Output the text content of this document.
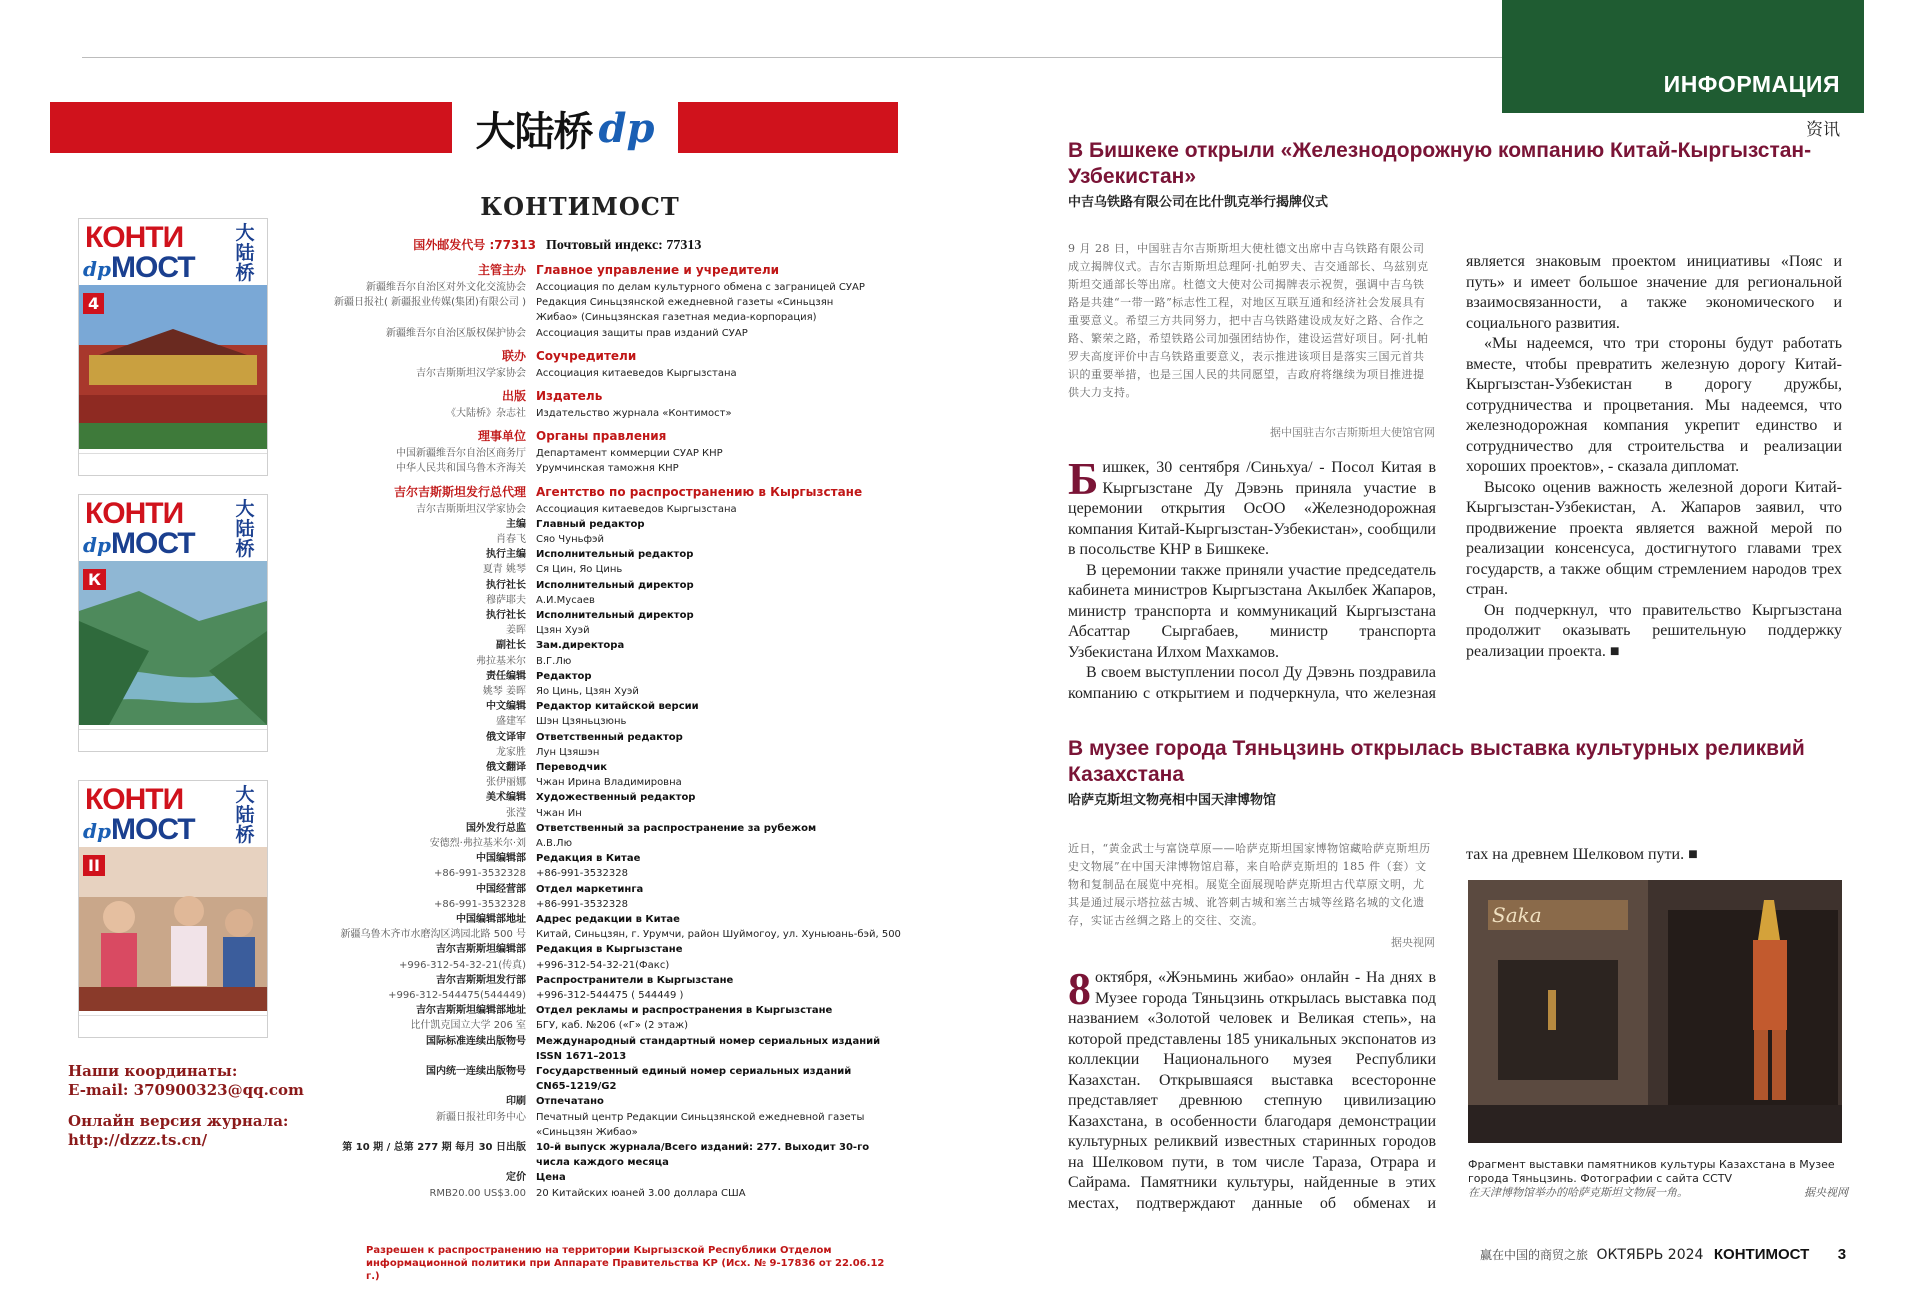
大陆桥 dp
КОНТИМОСТ
国外邮发代号 :77313 Почтовый индекс: 77313
主管主办 Главное управление и учредители
新疆维吾尔自治区对外文化交流协会	Ассоциация по делам культурного обмена с заграницей СУАР
新疆日报社( 新疆报业传媒(集团)有限公司 )	Редакция Синьцзянской ежедневной газеты «Синьцзян
Жибао» (Синьцзянская газетная медиа-корпорация)
新疆维吾尔自治区版权保护协会	Ассоциация защиты прав изданий СУАР
联办 Соучредители
吉尔吉斯斯坦汉学家协会	Ассоциация китаеведов Кыргызстана
出版 Издатель
《大陆桥》杂志社	Издательство журнала «Контимост»
理事单位 Органы правления
中国新疆维吾尔自治区商务厅	Департамент коммерции СУАР КНР
中华人民共和国乌鲁木齐海关	Урумчинская таможня КНР
吉尔吉斯斯坦发行总代理 Агентство по распространению в Кыргызстане
吉尔吉斯斯坦汉学家协会	Ассоциация китаеведов Кыргызстана
主编	Главный редактор
肖春飞	Сяо Чуньфэй
执行主编	Исполнительный редактор
夏青 姚琴	Ся Цин, Яо Цинь
执行社长	Исполнительный директор
穆萨耶夫	А.И.Мусаев
执行社长	Исполнительный директор
姜晖	Цзян Хуэй
副社长	Зам.директора
弗拉基米尔	В.Г.Лю
责任编辑	Редактор
姚琴 姜晖	Яо Цинь, Цзян Хуэй
中文编辑	Редактор китайской версии
盛建军	Шэн Цзяньцзюнь
俄文译审	Ответственный редактор
龙家胜	Лун Цзяшэн
俄文翻译	Переводчик
张伊丽娜	Чжан Ирина Владимировна
美术编辑	Художественный редактор
张滢	Чжан Ин
国外发行总监	Ответственный за распространение за рубежом
安德烈·弗拉基米尔·刘	А.В.Лю
中国编辑部	Редакция в Китае
+86-991-3532328	+86-991-3532328
中国经营部	Отдел маркетинга
+86-991-3532328	+86-991-3532328
中国编辑部地址	Адрес редакции в Китае
新疆乌鲁木齐市水磨沟区鸿园北路 500 号	Китай, Синьцзян, г. Урумчи, район Шуймогоу, ул. Хуньюань-бэй, 500
吉尔吉斯斯坦编辑部	Редакция в Кыргызстане
+996-312-54-32-21(传真)	+996-312-54-32-21(Факс)
吉尔吉斯斯坦发行部	Распространители в Кыргызстане
+996-312-544475(544449)	+996-312-544475 ( 544449 )
吉尔吉斯斯坦编辑部地址	Отдел рекламы и распространения в Кыргызстане
比什凯克国立大学 206 室	БГУ, каб. №206 («Г» (2 этаж)
国际标准连续出版物号	Международный стандартный номер сериальных изданий
ISSN 1671–2013
国内统一连续出版物号	Государственный единый номер сериальных изданий
CN65-1219/G2
印刷	Отпечатано
新疆日报社印务中心	Печатный центр Редакции Синьцзянской ежедневной газеты
«Синьцзян Жибао»
第 10 期 / 总第 277 期 每月 30 日出版	10-й выпуск журнала/Всего изданий: 277. Выходит 30-го
числа каждого месяца
定价	Цена
RMB20.00 US$3.00	20 Китайских юаней 3.00 доллара США
Разрешен к распространению на территории Кыргызской Республики Отделом информационной политики при Аппарате Правительства КР (Исх. № 9-17836 от 22.06.12 г.)
КОНТИ
МОСТ
大陆桥
dp
4
КОНТИ
МОСТ
大陆桥
dp
К
КОНТИ
МОСТ
大陆桥
dp
II
Наши координаты:
E-mail: 370900323@qq.com
Онлайн версия журнала:
http://dzzz.ts.cn/
ИНФОРМАЦИЯ
资讯
В Бишкеке открыли «Железнодорожную компанию Китай-Кыргызстан-Узбекистан»
中吉乌铁路有限公司在比什凯克举行揭牌仪式
9 月 28 日，中国驻吉尔吉斯斯坦大使杜德文出席中吉乌铁路有限公司成立揭牌仪式。吉尔吉斯斯坦总理阿·扎帕罗夫、吉交通部长、乌兹别克斯坦交通部长等出席。杜德文大使对公司揭牌表示祝贺，强调中吉乌铁路是共建“一带一路”标志性工程，对地区互联互通和经济社会发展具有重要意义。希望三方共同努力，把中吉乌铁路建设成友好之路、合作之路、繁荣之路，希望铁路公司加强团结协作，建设运营好项目。阿·扎帕罗夫高度评价中吉乌铁路重要意义，表示推进该项目是落实三国元首共识的重要举措，也是三国人民的共同愿望，吉政府将继续为项目推进提供大力支持。
据中国驻吉尔吉斯斯坦大使馆官网

Бишкек, 30 сентября /Синьхуа/ - Посол Китая в Кыргызстане Ду Дэвэнь приняла участие в церемонии открытия ОсОО «Железнодорожная компания Китай-Кыргызстан-Узбекистан», сообщили в посольстве КНР в Бишкеке.

В церемонии также приняли участие председатель кабинета министров Кыргызстана Акылбек Жапаров, министр транспорта и коммуникаций Кыргызстана Абсаттар Сыргабаев, министр транспорта Узбекистана Илхом Махкамов.

В своем выступлении посол Ду Дэвэнь поздравила компанию с открытием и подчеркнула, что железная

является знаковым проектом инициативы «Пояс и путь» и имеет большое значение для региональной взаимосвязанности, а также экономического и социального развития.

«Мы надеемся, что три стороны будут работать вместе, чтобы превратить железную дорогу Китай-Кыргызстан-Узбекистан в дорогу дружбы, сотрудничества и процветания. Мы надеемся, что железнодорожная компания укрепит единство и сотрудничество для строительства и реализации хороших проектов», - сказала дипломат.

Высоко оценив важность железной дороги Китай-Кыргызстан-Узбекистан, А. Жапаров заявил, что продвижение проекта является важной мерой по реализации консенсуса, достигнутого главами трех государств, а также общим стремлением народов трех стран.

Он подчеркнул, что правительство Кыргызстана продолжит оказывать решительную поддержку реализации проекта. ■

В музее города Тяньцзинь открылась выставка культурных реликвий Казахстана
哈萨克斯坦文物亮相中国天津博物馆
近日，“黄金武士与富饶草原——哈萨克斯坦国家博物馆藏哈萨克斯坦历史文物展”在中国天津博物馆启幕，来自哈萨克斯坦的 185 件（套）文物和复制品在展览中亮相。展览全面展现哈萨克斯坦古代草原文明，尤其是通过展示塔拉兹古城、讹答刺古城和塞兰古城等丝路名城的文化遗存，实证古丝绸之路上的交往、交流。
据央视网

8 октября, «Жэньминь жибао» онлайн - На днях в Музее города Тяньцзинь открылась выставка под названием «Золотой человек и Великая степь», на которой представлены 185 уникальных экспонатов из коллекции Национального музея Республики Казахстан. Открывшаяся выставка всесторонне представляет древнюю степную цивилизацию Казахстана, в особенности благодаря демонстрации культурных реликвий известных старинных городов на Шелковом пути, в том числе Тараза, Отрара и Сайрама. Памятники культуры, найденные в этих местах, подтверждают данные об обменах и

тах на древнем Шелковом пути. ■

Saka
Фрагмент выставки памятников культуры Казахстана в Музее города Тяньцзинь. Фотографии с сайта CCTV
在天津博物馆举办的哈萨克斯坦文物展一角。	据央视网
赢在中国的商贸之旅 ОКТЯБРЬ 2024 КОНТИМОСТ 3
